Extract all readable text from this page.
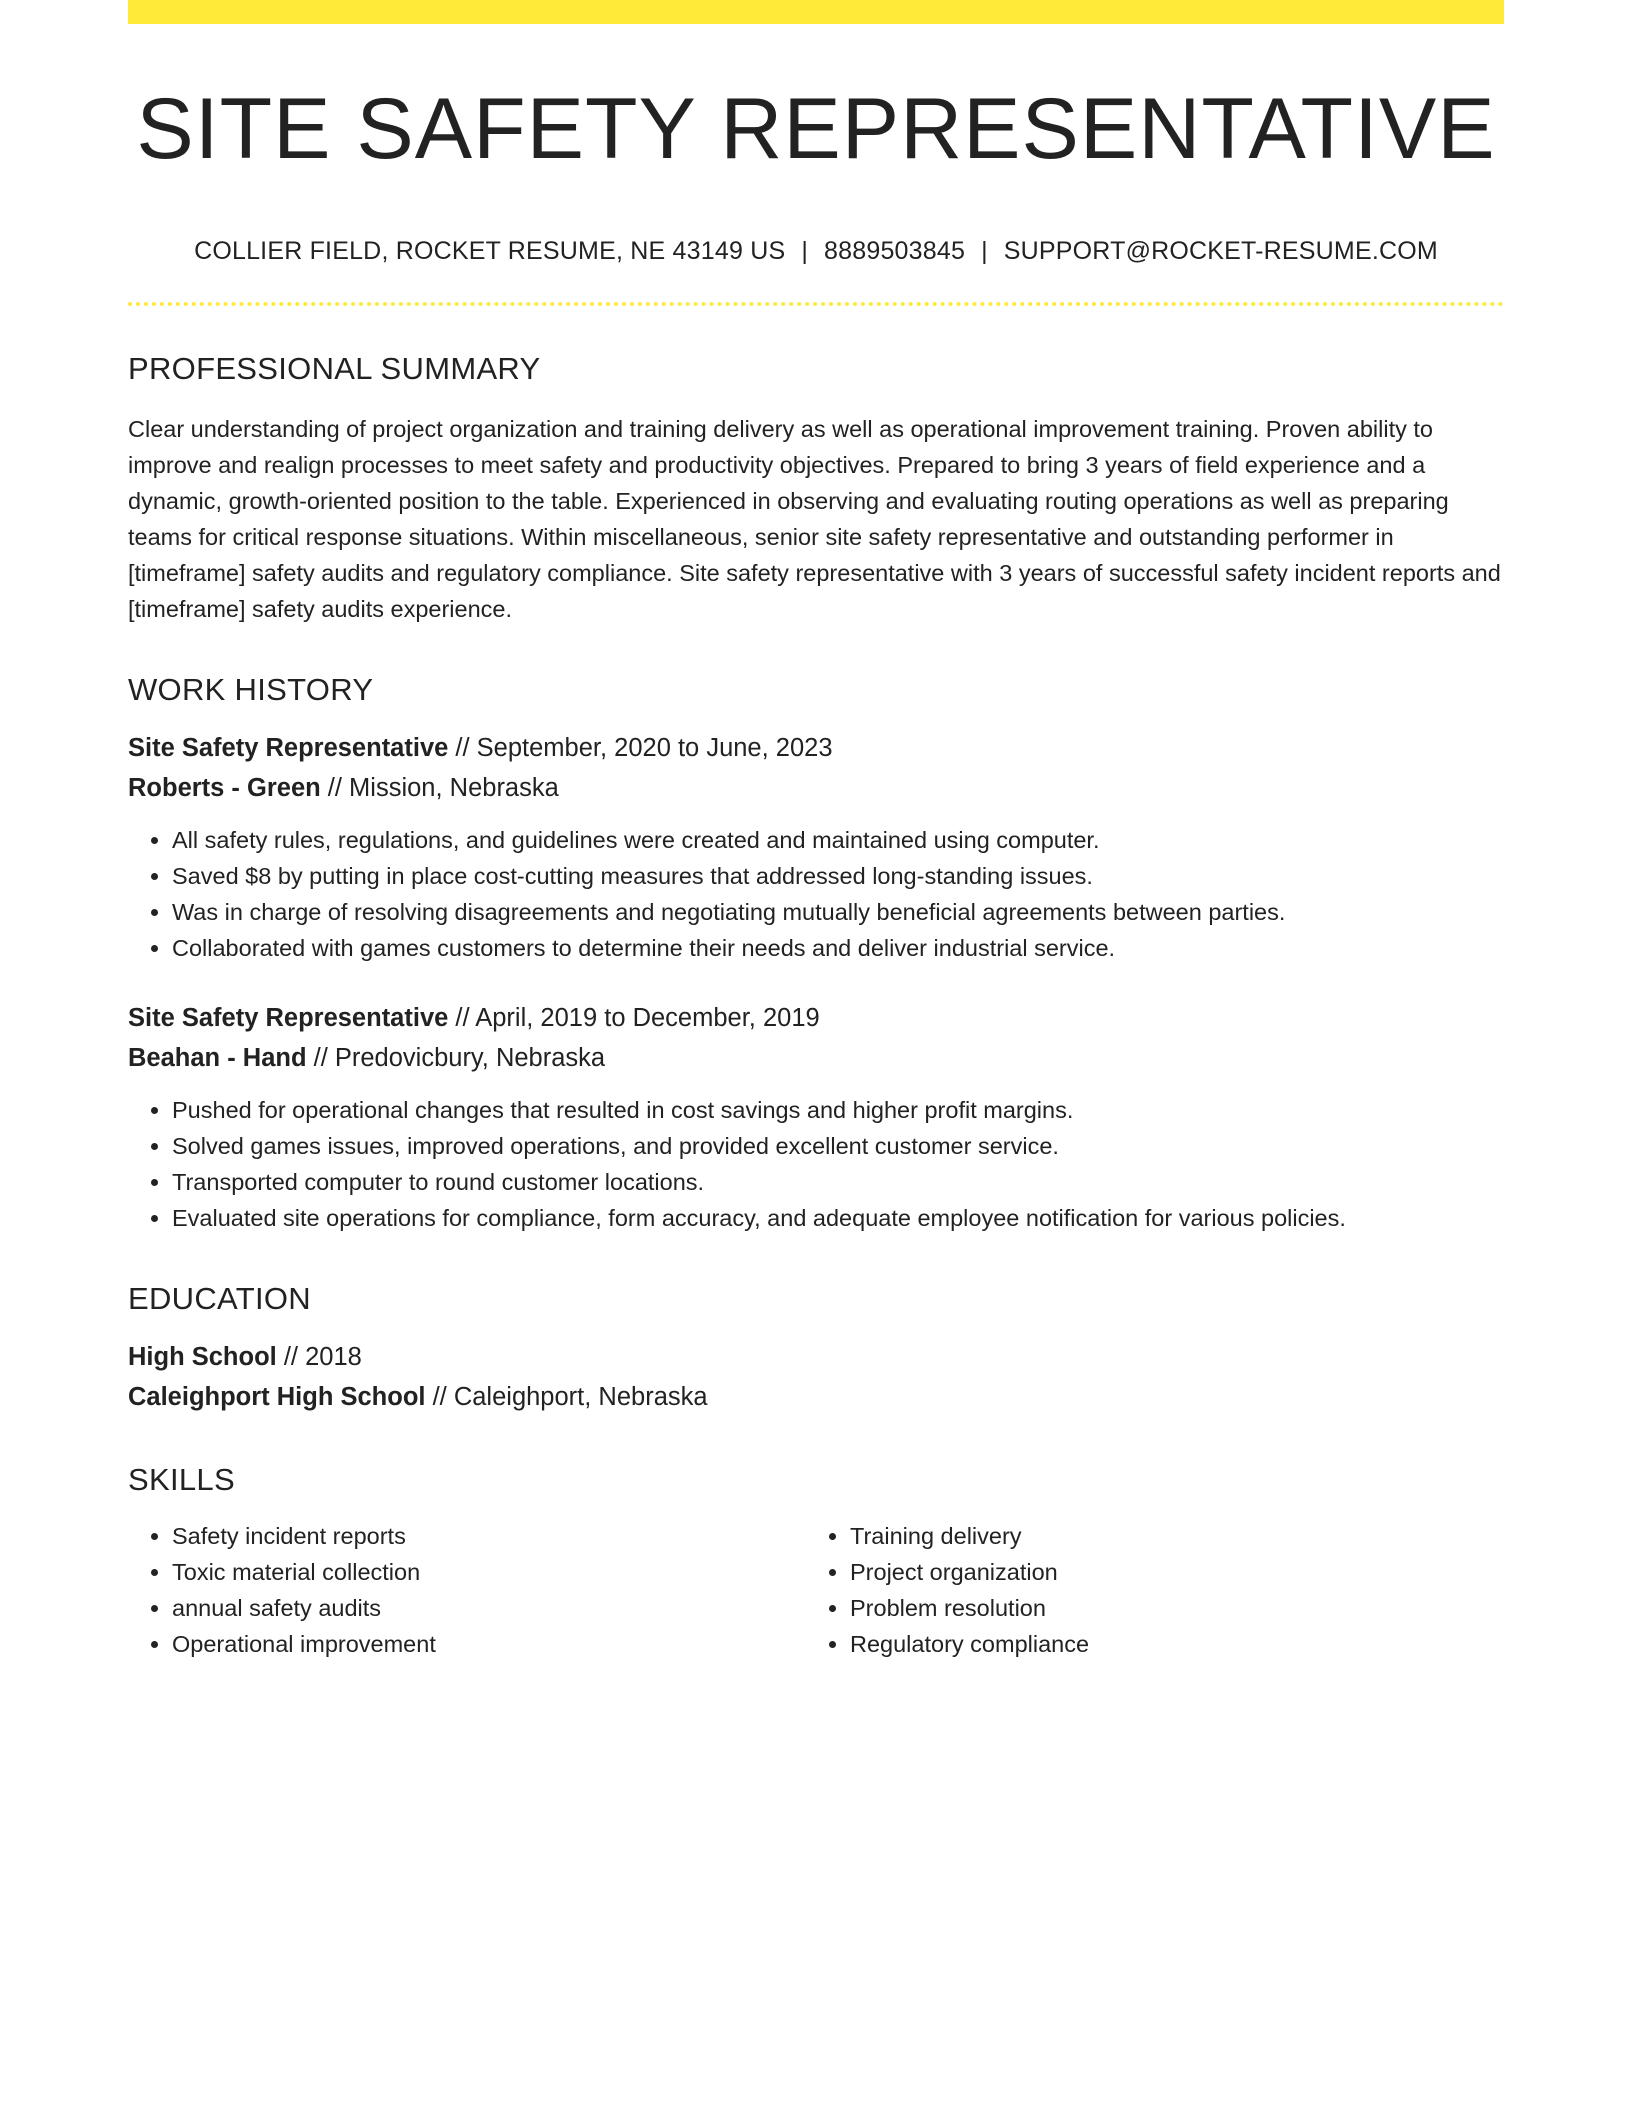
SITE SAFETY REPRESENTATIVE
COLLIER FIELD, ROCKET RESUME, NE 43149 US | 8889503845 | SUPPORT@ROCKET-RESUME.COM
PROFESSIONAL SUMMARY

Clear understanding of project organization and training delivery as well as operational improvement training. Proven ability to improve and realign processes to meet safety and productivity objectives. Prepared to bring 3 years of field experience and a dynamic, growth-oriented position to the table. Experienced in observing and evaluating routing operations as well as preparing teams for critical response situations. Within miscellaneous, senior site safety representative and outstanding performer in [timeframe] safety audits and regulatory compliance. Site safety representative with 3 years of successful safety incident reports and [timeframe] safety audits experience.

WORK HISTORY
Site Safety Representative // September, 2020 to June, 2023
Roberts - Green // Mission, Nebraska
• All safety rules, regulations, and guidelines were created and maintained using computer.
• Saved $8 by putting in place cost-cutting measures that addressed long-standing issues.
• Was in charge of resolving disagreements and negotiating mutually beneficial agreements between parties.
• Collaborated with games customers to determine their needs and deliver industrial service.
Site Safety Representative // April, 2019 to December, 2019
Beahan - Hand // Predovicbury, Nebraska
• Pushed for operational changes that resulted in cost savings and higher profit margins.
• Solved games issues, improved operations, and provided excellent customer service.
• Transported computer to round customer locations.
• Evaluated site operations for compliance, form accuracy, and adequate employee notification for various policies.
EDUCATION
High School // 2018
Caleighport High School // Caleighport, Nebraska
SKILLS
• Safety incident reports
• Toxic material collection
• annual safety audits
• Operational improvement
• Training delivery
• Project organization
• Problem resolution
• Regulatory compliance
